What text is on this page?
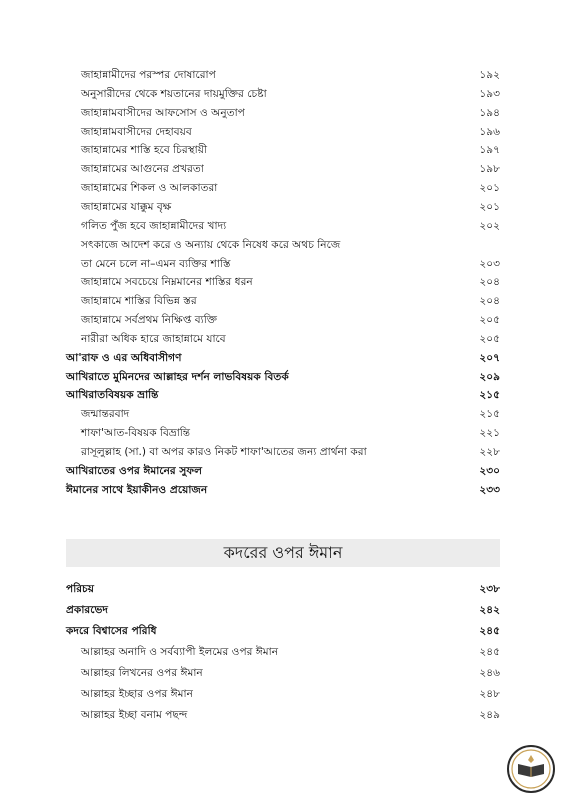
জাহান্নামীদের পরস্পর দোষারোপ	১৯২
অনুসারীদের থেকে শয়তানের দায়মুক্তির চেষ্টা	১৯৩
জাহান্নামবাসীদের আফসোস ও অনুতাপ	১৯৪
জাহান্নামবাসীদের দেহাবয়ব	১৯৬
জাহান্নামের শাস্তি হবে চিরস্থায়ী	১৯৭
জাহান্নামের আগুনের প্রখরতা	১৯৮
জাহান্নামের শিকল ও আলকাতরা	২০১
জাহান্নামের যাক্কুম বৃক্ষ	২০১
গলিত পুঁজ হবে জাহান্নামীদের খাদ্য	২০২
সৎকাজে আদেশ করে ও অন্যায় থেকে নিষেধ করে অথচ নিজে
তা মেনে চলে না–এমন ব্যক্তির শাস্তি	২০৩
জাহান্নামে সবচেয়ে নিম্নমানের শাস্তির ধরন	২০৪
জাহান্নামে শাস্তির বিভিন্ন স্তর	২০৪
জাহান্নামে সর্বপ্রথম নিক্ষিপ্ত ব্যক্তি	২০৫
নারীরা অধিক হারে জাহান্নামে যাবে	২০৫
আ'রাফ ও এর অধিবাসীগণ	২০৭
আখিরাতে মুমিনদের আল্লাহর দর্শন লাভবিষয়ক বিতর্ক	২০৯
আখিরাতবিষয়ক ভ্রান্তি	২১৫
জন্মান্তরবাদ	২১৫
শাফা'আত-বিষয়ক বিভ্রান্তি	২২১
রাসূলুল্লাহ (সা.) বা অপর কারও নিকট শাফা'আতের জন্য প্রার্থনা করা	২২৮
আখিরাতের ওপর ঈমানের সুফল	২৩০
ঈমানের সাথে ইয়াকীনও প্রয়োজন	২৩৩
পরিচয়	২৩৮
প্রকারভেদ	২৪২
কদরে বিশ্বাসের পরিধি	২৪৫
আল্লাহর অনাদি ও সর্বব্যাপী ইলমের ওপর ঈমান	২৪৫
আল্লাহর লিখনের ওপর ঈমান	২৪৬
আল্লাহর ইচ্ছার ওপর ঈমান	২৪৮
আল্লাহর ইচ্ছা বনাম পছন্দ	২৪৯
কদরের ওপর ঈমান
